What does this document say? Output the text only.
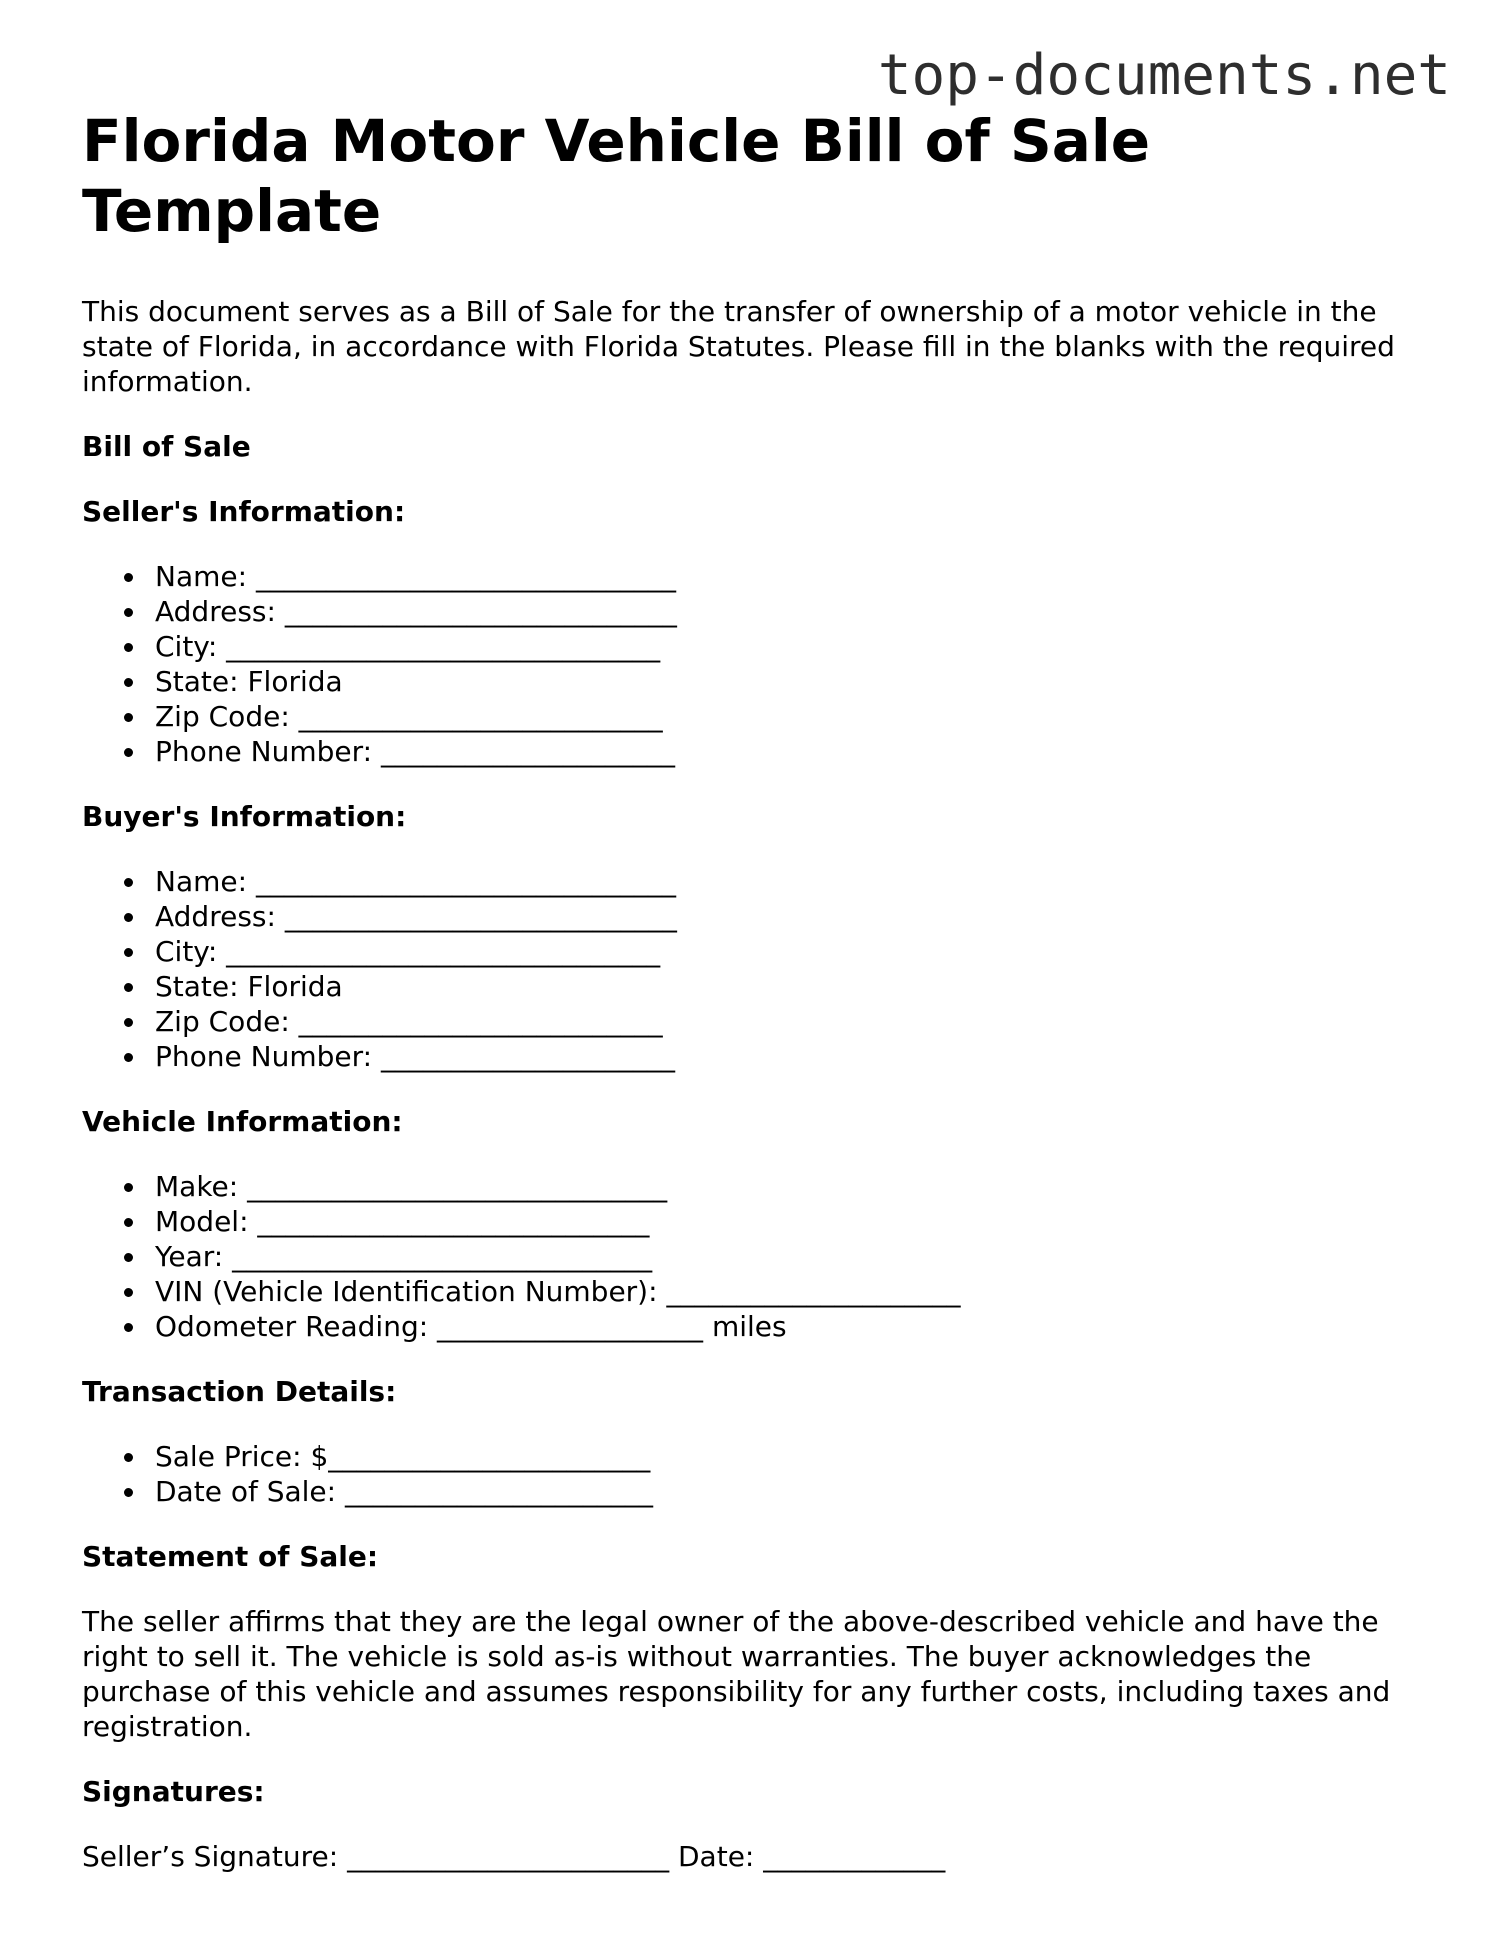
top-documents.net
Florida Motor Vehicle Bill of Sale Template

This document serves as a Bill of Sale for the transfer of ownership of a motor vehicle in the state of Florida, in accordance with Florida Statutes. Please fill in the blanks with the required information.

Bill of Sale
Seller's Information:
Name: ______________________________
Address: ____________________________
City: _______________________________
State: Florida
Zip Code: __________________________
Phone Number: _____________________
Buyer's Information:
Name: ______________________________
Address: ____________________________
City: _______________________________
State: Florida
Zip Code: __________________________
Phone Number: _____________________
Vehicle Information:
Make: ______________________________
Model: ____________________________
Year: ______________________________
VIN (Vehicle Identification Number): _____________________
Odometer Reading: ___________________ miles
Transaction Details:
Sale Price: $_______________________
Date of Sale: ______________________
Statement of Sale:

The seller affirms that they are the legal owner of the above-described vehicle and have the right to sell it. The vehicle is sold as-is without warranties. The buyer acknowledges the purchase of this vehicle and assumes responsibility for any further costs, including taxes and registration.

Signatures:
Seller’s Signature: _______________________ Date: _____________
